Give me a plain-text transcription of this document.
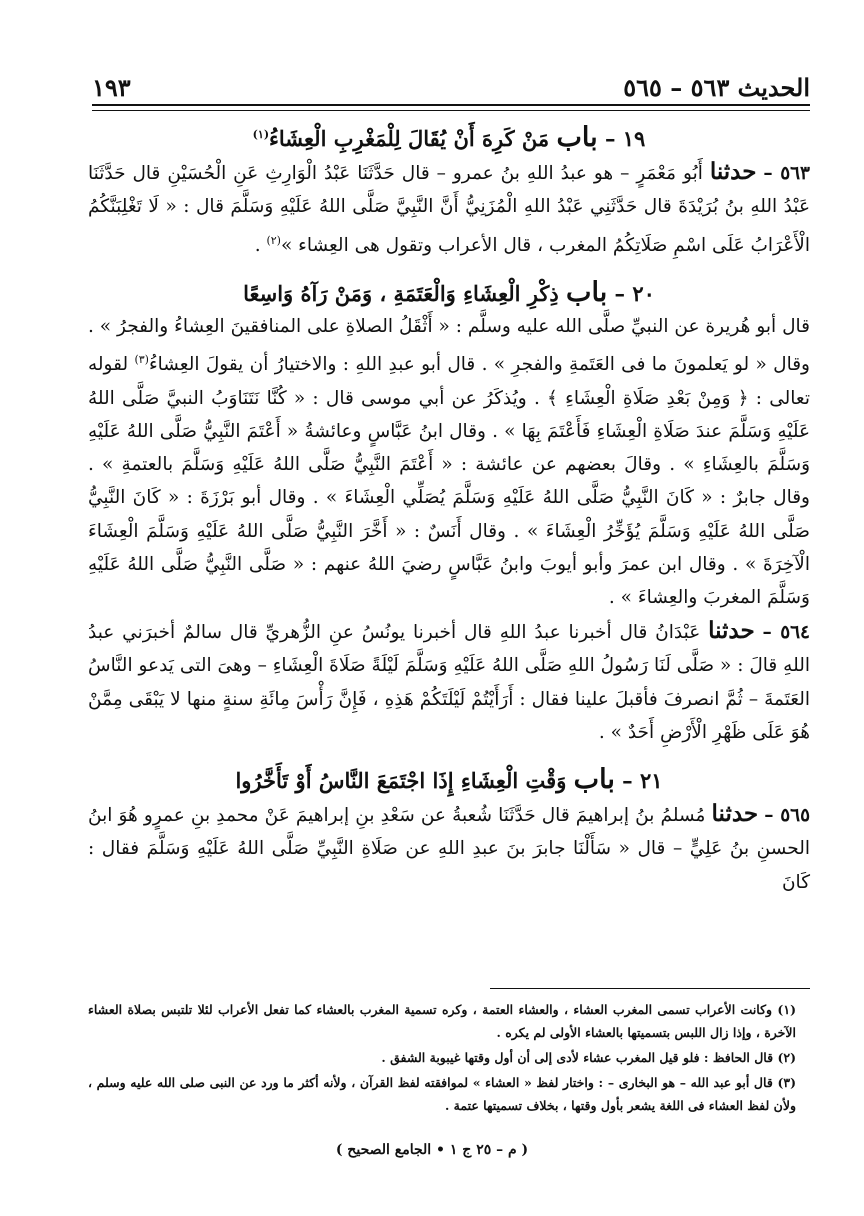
الحديث ٥٦٣ – ٥٦٥
١٩٣

١٩ – باب مَنْ كَرِهَ أَنْ يُقَالَ لِلْمَغْرِبِ الْعِشَاءُ$^{(١)}$

٥٦٣ – حدثنا أَبُو مَعْمَرٍ – هو عبدُ اللهِ بنُ عمرو – قال حَدَّثَنَا عَبْدُ الْوَارِثِ عَنِ الْحُسَيْنِ قال حَدَّثَنَا عَبْدُ اللهِ بنُ بُرَيْدَةَ قال حَدَّثَنِي عَبْدُ اللهِ الْمُزَنِيُّ أَنَّ النَّبِيَّ صَلَّى اللهُ عَلَيْهِ وَسَلَّمَ قال : « لَا تَغْلِبَنَّكُمُ الْأَعْرَابُ عَلَى اسْمِ صَلَاتِكُمُ المغرب ، قال الأعراب وتقول هى العِشاء »$^{(٢)}$ .

٢٠ – باب ذِكْرِ الْعِشَاءِ وَالْعَتَمَةِ ، وَمَنْ رَآهُ وَاسِعًا

قال أبو هُريرة عن النبيِّ صلَّى الله عليه وسلَّم : « أَثْقَلُ الصلاةِ على المنافقينَ العِشاءُ والفجرُ » . وقال « لو يَعلمونَ ما فى العَتَمةِ والفجرِ » . قال أبو عبدِ اللهِ : والاختيارُ أن يقولَ العِشاءُ$^{(٣)}$ لقوله تعالى : ﴿ وَمِنْ بَعْدِ صَلَاةِ الْعِشَاءِ ﴾ . ويُذكَرُ عن أبي موسى قال : « كُنَّا نَتَنَاوَبُ النبيَّ صَلَّى اللهُ عَلَيْهِ وَسَلَّمَ عندَ صَلَاةِ الْعِشَاءِ فَأَعْتَمَ بِهَا » . وقال ابنُ عَبَّاسٍ وعائشةُ « أَعْتَمَ النَّبِيُّ صَلَّى اللهُ عَلَيْهِ وَسَلَّمَ بالعِشَاءِ » . وقالَ بعضهم عن عائشة : « أَعْتَمَ النَّبِيُّ صَلَّى اللهُ عَلَيْهِ وَسَلَّمَ بالعتمةِ » . وقال جابرٌ : « كَانَ النَّبِيُّ صَلَّى اللهُ عَلَيْهِ وَسَلَّمَ يُصَلِّي الْعِشَاءَ » . وقال أبو بَرْزَةَ : « كَانَ النَّبِيُّ صَلَّى اللهُ عَلَيْهِ وَسَلَّمَ يُؤَخِّرُ الْعِشَاءَ » . وقال أَنَسٌ : « أَخَّرَ النَّبِيُّ صَلَّى اللهُ عَلَيْهِ وَسَلَّمَ الْعِشَاءَ الْآخِرَةَ » . وقال ابن عمرَ وأبو أيوبَ وابنُ عَبَّاسٍ رضيَ اللهُ عنهم : « صَلَّى النَّبِيُّ صَلَّى اللهُ عَلَيْهِ وَسَلَّمَ المغربَ والعِشاءَ » .

٥٦٤ – حدثنا عَبْدَانُ قال أخبرنا عبدُ اللهِ قال أخبرنا يونُسُ عنِ الزُّهريِّ قال سالمٌ أخبرَني عبدُ اللهِ قالَ : « صَلَّى لَنَا رَسُولُ اللهِ صَلَّى اللهُ عَلَيْهِ وَسَلَّمَ لَيْلَةً صَلَاةَ الْعِشَاءِ – وهىَ التى يَدعو النَّاسُ العَتَمةَ – ثُمَّ انصرفَ فأقبلَ علينا فقال : أَرَأَيْتُمْ لَيْلَتَكُمْ هَذِهِ ، فَإِنَّ رَأْسَ مِائَةِ سنةٍ منها لا يَبْقَى مِمَّنْ هُوَ عَلَى ظَهْرِ الْأَرْضِ أَحَدٌ » .

٢١ – باب وَقْتِ الْعِشَاءِ إِذَا اجْتَمَعَ النَّاسُ أَوْ تَأَخَّرُوا

٥٦٥ – حدثنا مُسلمُ بنُ إبراهيمَ قال حَدَّثَنَا شُعبةُ عن سَعْدِ بنِ إبراهيمَ عَنْ محمدِ بنِ عمرٍو هُوَ ابنُ الحسنِ بنُ عَلِيٍّ – قال « سَأَلْنَا جابرَ بنَ عبدِ اللهِ عن صَلَاةِ النَّبِيِّ صَلَّى اللهُ عَلَيْهِ وَسَلَّمَ فقال : كَانَ

(١) وكانت الأعراب تسمى المغرب العشاء ، والعشاء العتمة ، وكره تسمية المغرب بالعشاء كما تفعل الأعراب لئلا تلتبس بصلاة العشاء الآخرة ، وإذا زال اللبس بتسميتها بالعشاء الأولى لم يكره .

(٢) قال الحافظ : فلو قيل المغرب عشاء لأدى إلى أن أول وقتها غيبوبة الشفق .

(٣) قال أبو عبد الله – هو البخارى – : واختار لفظ « العشاء » لموافقته لفظ القرآن ، ولأنه أكثر ما ورد عن النبى صلى الله عليه وسلم ، ولأن لفظ العشاء فى اللغة يشعر بأول وقتها ، بخلاف تسميتها عتمة .

( م – ٢٥ ج ١ • الجامع الصحيح )
